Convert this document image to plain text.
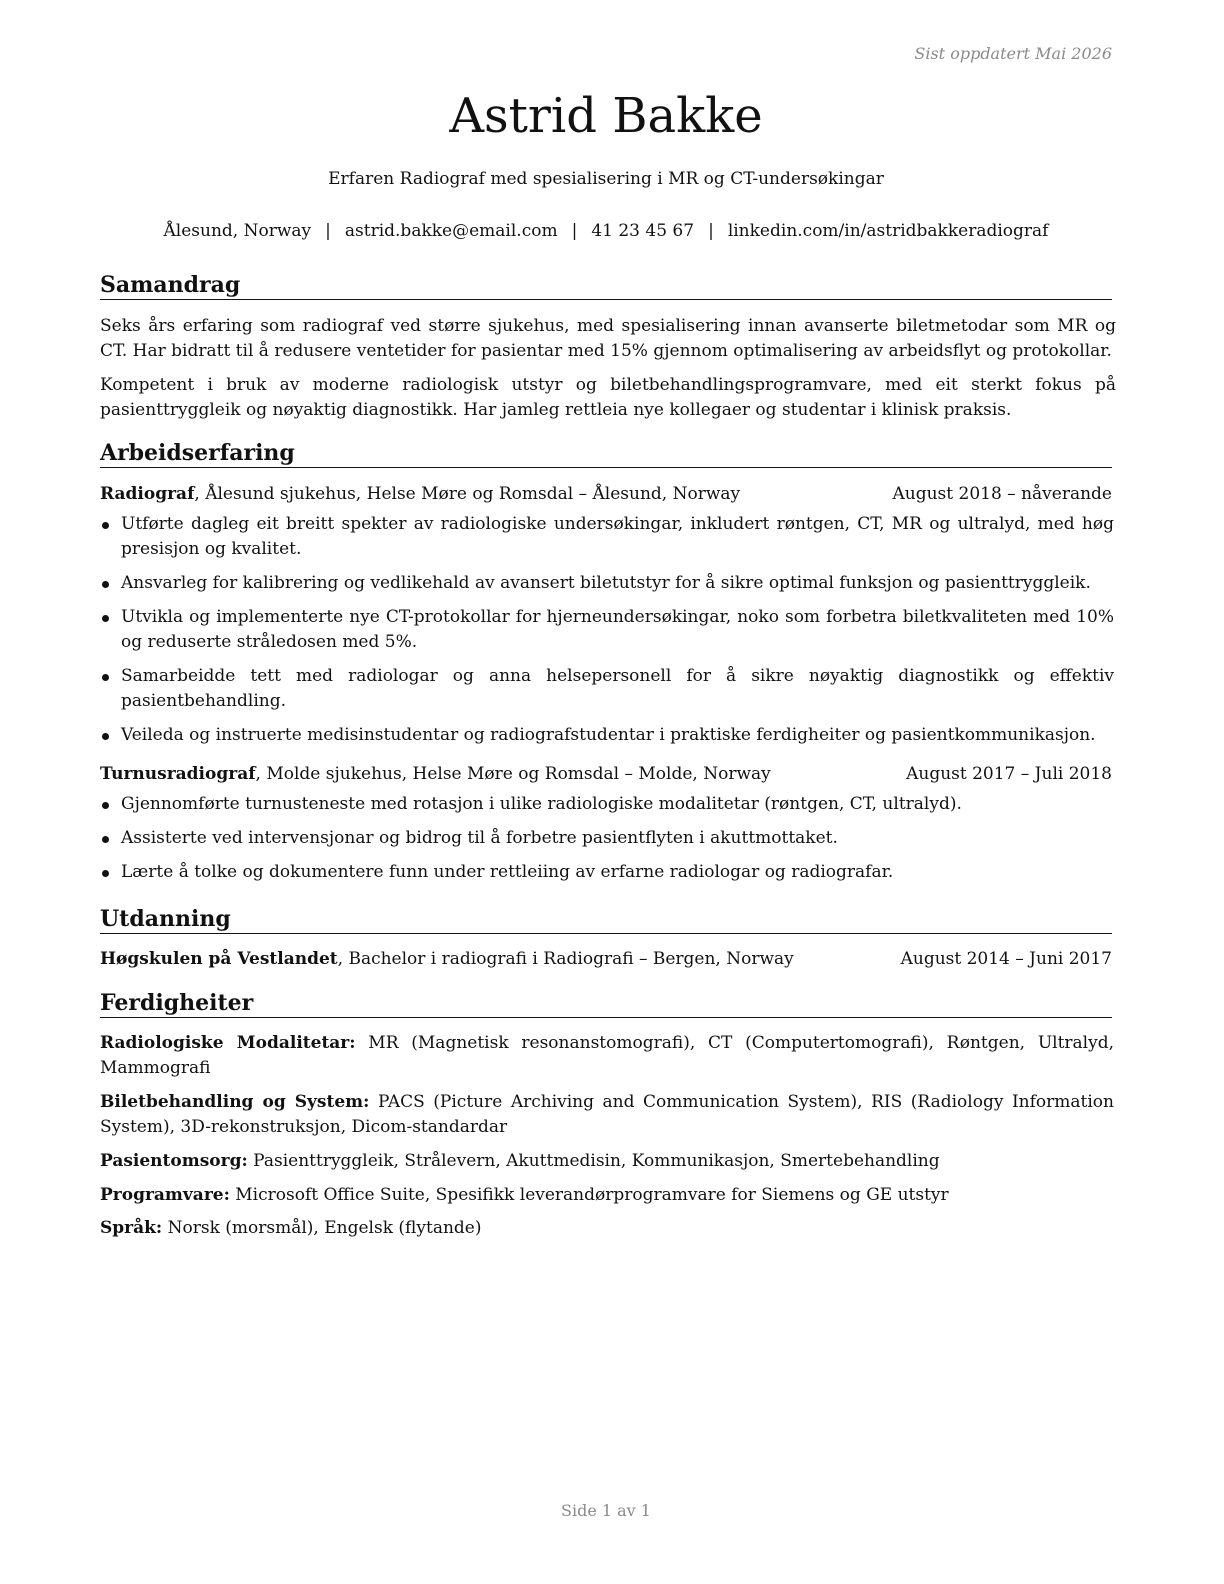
Sist oppdatert Mai 2026
Astrid Bakke
Erfaren Radiograf med spesialisering i MR og CT-undersøkingar
Ålesund, Norway | astrid.bakke@email.com | 41 23 45 67 | linkedin.com/in/astridbakkeradiograf
Samandrag
Seks års erfaring som radiograf ved større sjukehus, med spesialisering innan avanserte biletmetodar som MR og CT. Har bidratt til å redusere ventetider for pasientar med 15% gjennom optimalisering av arbeidsflyt og protokollar.
Kompetent i bruk av moderne radiologisk utstyr og biletbehandlingsprogramvare, med eit sterkt fokus på pasienttryggleik og nøyaktig diagnostikk. Har jamleg rettleia nye kollegaer og studentar i klinisk praksis.
Arbeidserfaring
Radiograf, Ålesund sjukehus, Helse Møre og Romsdal – Ålesund, Norway	August 2018 – nåverande
Utførte dagleg eit breitt spekter av radiologiske undersøkingar, inkludert røntgen, CT, MR og ultralyd, med høg presisjon og kvalitet.
Ansvarleg for kalibrering og vedlikehald av avansert biletutstyr for å sikre optimal funksjon og pasienttryggleik.
Utvikla og implementerte nye CT-protokollar for hjerneundersøkingar, noko som forbetra biletkvaliteten med 10% og reduserte stråledosen med 5%.
Samarbeidde tett med radiologar og anna helsepersonell for å sikre nøyaktig diagnostikk og effektiv pasientbehandling.
Veileda og instruerte medisinstudentar og radiografstudentar i praktiske ferdigheiter og pasientkommunikasjon.
Turnusradiograf, Molde sjukehus, Helse Møre og Romsdal – Molde, Norway	August 2017 – Juli 2018
Gjennomførte turnusteneste med rotasjon i ulike radiologiske modalitetar (røntgen, CT, ultralyd).
Assisterte ved intervensjonar og bidrog til å forbetre pasientflyten i akuttmottaket.
Lærte å tolke og dokumentere funn under rettleiing av erfarne radiologar og radiografar.
Utdanning
Høgskulen på Vestlandet, Bachelor i radiografi i Radiografi – Bergen, Norway	August 2014 – Juni 2017
Ferdigheiter
Radiologiske Modalitetar: MR (Magnetisk resonanstomografi), CT (Computertomografi), Røntgen, Ultralyd, Mammografi
Biletbehandling og System: PACS (Picture Archiving and Communication System), RIS (Radiology Information System), 3D-rekonstruksjon, Dicom-standardar
Pasientomsorg: Pasienttryggleik, Strålevern, Akuttmedisin, Kommunikasjon, Smertebehandling
Programvare: Microsoft Office Suite, Spesifikk leverandørprogramvare for Siemens og GE utstyr
Språk: Norsk (morsmål), Engelsk (flytande)
Side 1 av 1
